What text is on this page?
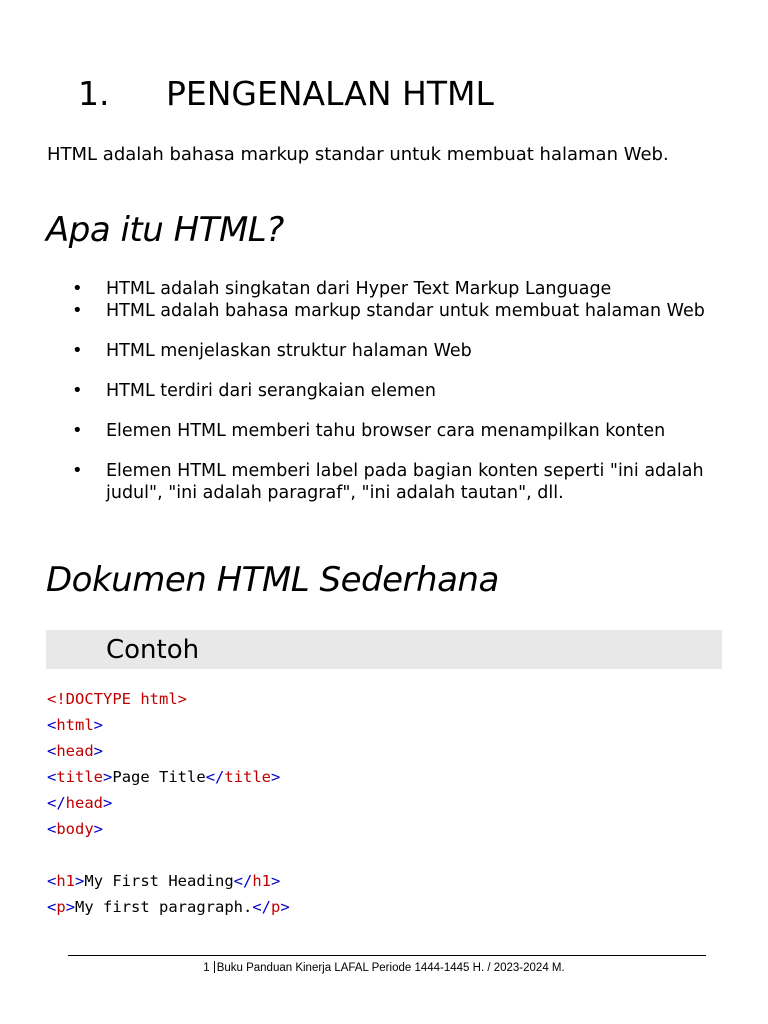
1.	PENGENALAN HTML

HTML adalah bahasa markup standar untuk membuat halaman Web.

Apa itu HTML?
• HTML adalah singkatan dari Hyper Text Markup Language
• HTML adalah bahasa markup standar untuk membuat halaman Web
• HTML menjelaskan struktur halaman Web
• HTML terdiri dari serangkaian elemen
• Elemen HTML memberi tahu browser cara menampilkan konten
• Elemen HTML memberi label pada bagian konten seperti "ini adalah judul", "ini adalah paragraf", "ini adalah tautan", dll.
Dokumen HTML Sederhana
Contoh
<!DOCTYPE html>
<html>
<head>
<title>Page Title</title>
</head>
<body>
<h1>My First Heading</h1>
<p>My first paragraph.</p>
1 Buku Panduan Kinerja LAFAL Periode 1444-1445 H. / 2023-2024 M.
